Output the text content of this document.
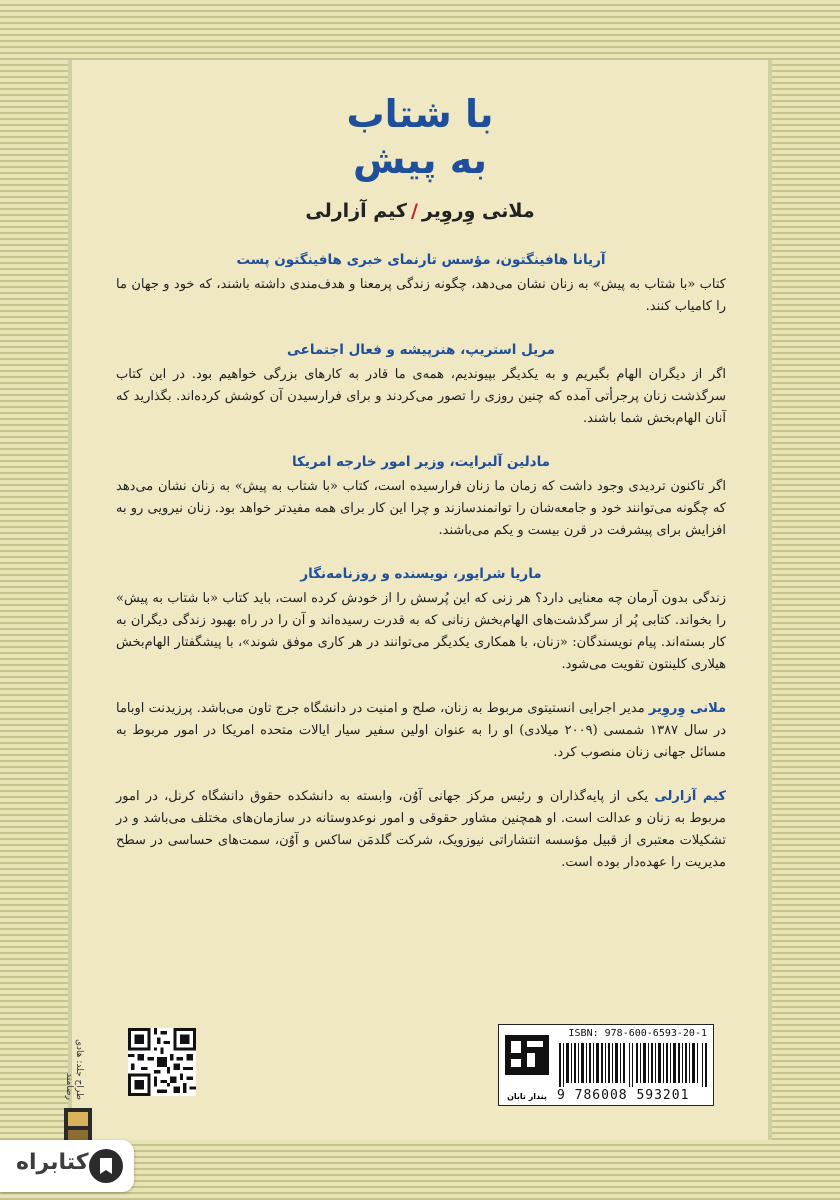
با شتاب
به پیش
ملانی وِروِیر/کیم آزارلی

آریانا هافینگتون، مؤسس تارنمای خبری هافینگتون پست

کتاب «با شتاب به پیش» به زنان نشان می‌دهد، چگونه زندگی پرمعنا و هدف‌مندی داشته باشند، که خود و جهان ما را کامیاب کنند.

مریل استریپ، هنرپیشه و فعال اجتماعی

اگر از دیگران الهام بگیریم و به یکدیگر بپیوندیم، همه‌ی ما قادر به کارهای بزرگی خواهیم بود. در این کتاب سرگذشت زنان پرجرأتی آمده که چنین روزی را تصور می‌کردند و برای فرارسیدن آن کوشش کرده‌اند. بگذارید که آنان الهام‌بخش شما باشند.

مادلین آلبرایت، وزیر امور خارجه امریکا

اگر تاکنون تردیدی وجود داشت که زمان ما زنان فرارسیده است، کتاب «با شتاب به پیش» به زنان نشان می‌دهد که چگونه می‌توانند خود و جامعه‌شان را توانمندسازند و چرا این کار برای همه مفیدتر خواهد بود. زنان نیرویی رو به افزایش برای پیشرفت در قرن بیست و یکم می‌باشند.

ماریا شرایور، نویسنده و روزنامه‌نگار

زندگی بدون آرمان چه معنایی دارد؟ هر زنی که این پُرسش را از خودش کرده است، باید کتاب «با شتاب به پیش» را بخواند. کتابی پُر از سرگذشت‌های الهام‌بخش زنانی که به قدرت رسیده‌اند و آن را در راه بهبود زندگی دیگران به کار بسته‌اند. پیام نویسندگان: «زنان، با همکاری یکدیگر می‌توانند در هر کاری موفق شوند»، با پیشگفتار الهام‌بخش هیلاری کلینتون تقویت می‌شود.

ملانی وِروِیر مدیر اجرایی انستیتوی مربوط به زنان، صلح و امنیت در دانشگاه جرج تاون می‌باشد. پرزیدنت اوباما در سال ۱۳۸۷ شمسی (۲۰۰۹ میلادی) او را به عنوان اولین سفیر سیار ایالات متحده امریکا در امور مربوط به مسائل جهانی زنان منصوب کرد.

کیم آزارلی یکی از پایه‌گذاران و رئیس مرکز جهانی آوُن، وابسته به دانشکده حقوق دانشگاه کرنل، در امور مربوط به زنان و عدالت است. او همچنین مشاور حقوقی و امور نوعدوستانه در سازمان‌های مختلف می‌باشد و در تشکیلات معتبری از قبیل مؤسسه انتشاراتی نیوزویک، شرکت گلدمَن ساکس و آوُن، سمت‌های حساسی در سطح مدیریت را عهده‌دار بوده است.

طراح جلد: هادی رضامند
ISBN: 978-600-6593-20-1
پندار تابان 9 786008 593201
کتابراه
